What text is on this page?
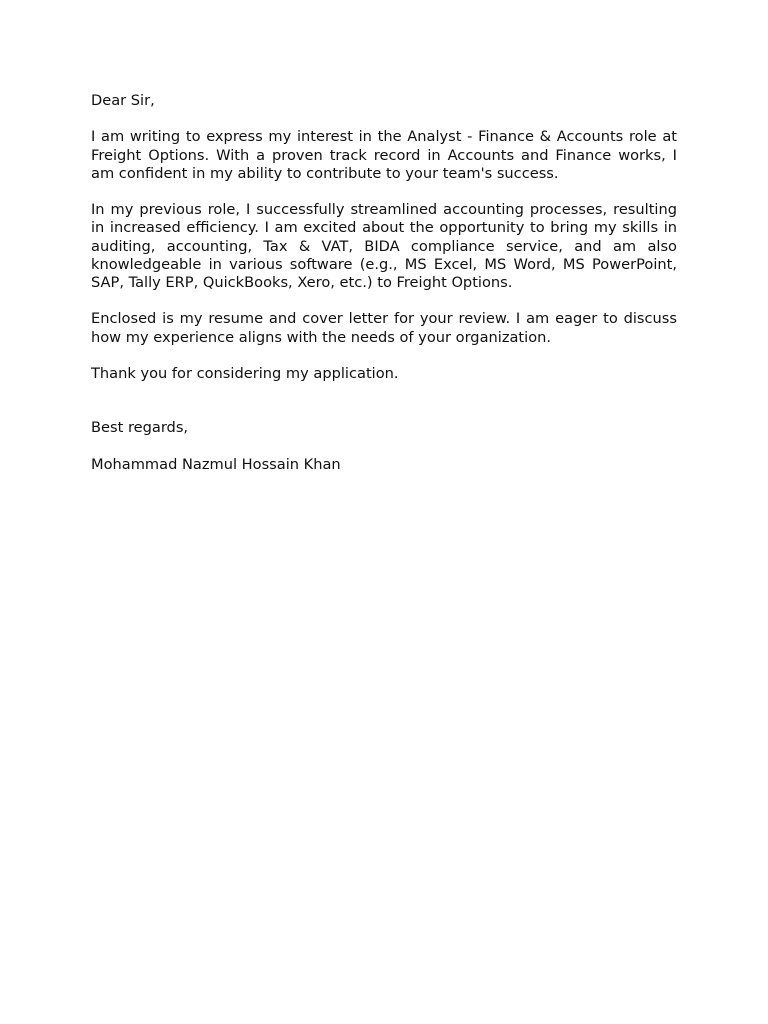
Dear Sir,

I am writing to express my interest in the Analyst - Finance & Accounts role at Freight Options. With a proven track record in Accounts and Finance works, I am confident in my ability to contribute to your team's success.

In my previous role, I successfully streamlined accounting processes, resulting in increased efficiency. I am excited about the opportunity to bring my skills in auditing, accounting, Tax & VAT, BIDA compliance service, and am also knowledgeable in various software (e.g., MS Excel, MS Word, MS PowerPoint, SAP, Tally ERP, QuickBooks, Xero, etc.) to Freight Options.

Enclosed is my resume and cover letter for your review. I am eager to discuss how my experience aligns with the needs of your organization.

Thank you for considering my application.

Best regards,

Mohammad Nazmul Hossain Khan
